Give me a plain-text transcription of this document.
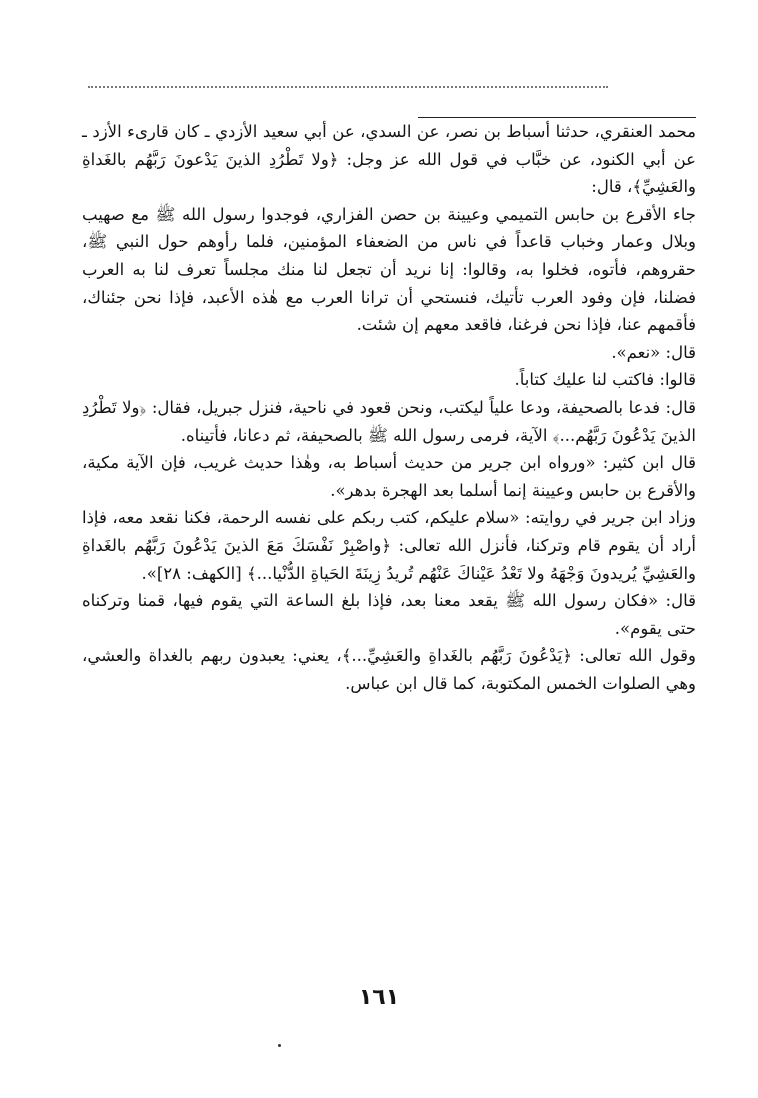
محمد العنقري، حدثنا أسباط بن نصر، عن السدي، عن أبي سعيد الأزدي ـ كان قارىء الأزد ـ عن أبي الكنود، عن خبَّاب في قول الله عز وجل: ﴿ولا تَطْرُدِ الذينَ يَدْعونَ رَبَّهُم بالغَداةِ والعَشِيِّ﴾، قال:

جاء الأقرع بن حابس التميمي وعيينة بن حصن الفزاري، فوجدوا رسول الله ﷺ مع صهيب وبلال وعمار وخباب قاعداً في ناس من الضعفاء المؤمنين، فلما رأوهم حول النبي ﷺ، حقروهم، فأتوه، فخلوا به، وقالوا: إنا نريد أن تجعل لنا منك مجلساً تعرف لنا به العرب فضلنا، فإن وفود العرب تأتيك، فنستحي أن ترانا العرب مع هٰذه الأعبد، فإذا نحن جئناك، فأقمهم عنا، فإذا نحن فرغنا، فاقعد معهم إن شئت.

قال: «نعم».

قالوا: فاكتب لنا عليك كتاباً.

قال: فدعا بالصحيفة، ودعا علياً ليكتب، ونحن قعود في ناحية، فنزل جبريل، فقال: ﴿ولا تَطْرُدِ الذينَ يَدْعُونَ رَبَّهُم...﴾ الآية، فرمى رسول الله ﷺ بالصحيفة، ثم دعانا، فأتيناه.

قال ابن كثير: «ورواه ابن جرير من حديث أسباط به، وهٰذا حديث غريب، فإن الآية مكية، والأقرع بن حابس وعيينة إنما أسلما بعد الهجرة بدهر».

وزاد ابن جرير في روايته: «سلام عليكم، كتب ربكم على نفسه الرحمة، فكنا نقعد معه، فإذا أراد أن يقوم قام وتركنا، فأنزل الله تعالى: ﴿واصْبِرْ نَفْسَكَ مَعَ الذينَ يَدْعُونَ رَبَّهُم بالغَداةِ والعَشِيِّ يُريدونَ وَجْهَهُ ولا تَعْدُ عَيْناكَ عَنْهُم تُريدُ زِينَةَ الحَياةِ الدُّنْيا...﴾ [الكهف: ٢٨]».

قال: «فكان رسول الله ﷺ يقعد معنا بعد، فإذا بلغ الساعة التي يقوم فيها، قمنا وتركناه حتى يقوم».

وقول الله تعالى: ﴿يَدْعُونَ رَبَّهُم بالغَداةِ والعَشِيِّ...﴾، يعني: يعبدون ربهم بالغداة والعشي، وهي الصلوات الخمس المكتوبة، كما قال ابن عباس.

١٦١
